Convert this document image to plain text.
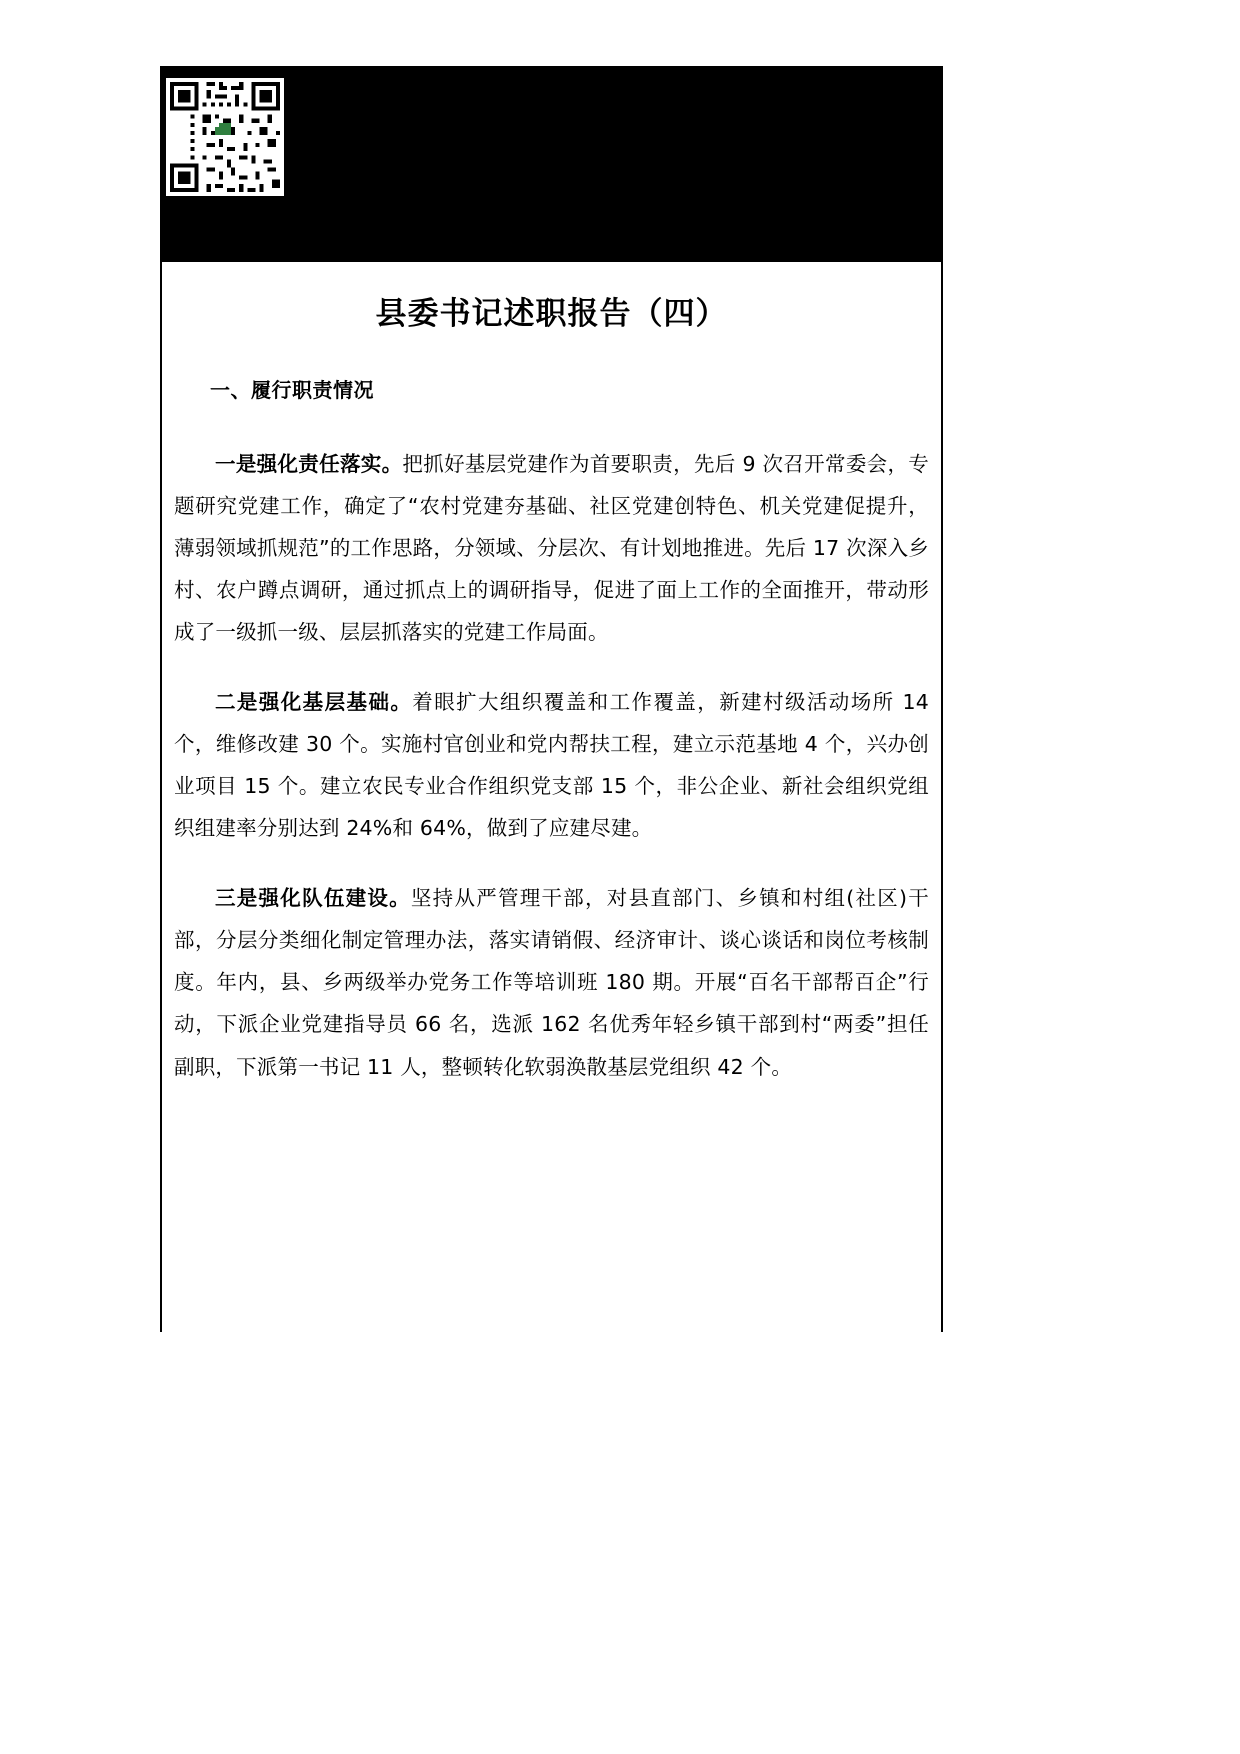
县委书记述职报告（四）
一、履行职责情况

一是强化责任落实。把抓好基层党建作为首要职责，先后 9 次召开常委会，专题研究党建工作，确定了“农村党建夯基础、社区党建创特色、机关党建促提升，薄弱领域抓规范”的工作思路，分领域、分层次、有计划地推进。先后 17 次深入乡村、农户蹲点调研，通过抓点上的调研指导，促进了面上工作的全面推开，带动形成了一级抓一级、层层抓落实的党建工作局面。

二是强化基层基础。着眼扩大组织覆盖和工作覆盖，新建村级活动场所 14 个，维修改建 30 个。实施村官创业和党内帮扶工程，建立示范基地 4 个，兴办创业项目 15 个。建立农民专业合作组织党支部 15 个，非公企业、新社会组织党组织组建率分别达到 24%和 64%，做到了应建尽建。

三是强化队伍建设。坚持从严管理干部，对县直部门、乡镇和村组(社区)干部，分层分类细化制定管理办法，落实请销假、经济审计、谈心谈话和岗位考核制度。年内，县、乡两级举办党务工作等培训班 180 期。开展“百名干部帮百企”行动，下派企业党建指导员 66 名，选派 162 名优秀年轻乡镇干部到村“两委”担任副职，下派第一书记 11 人，整顿转化软弱涣散基层党组织 42 个。
